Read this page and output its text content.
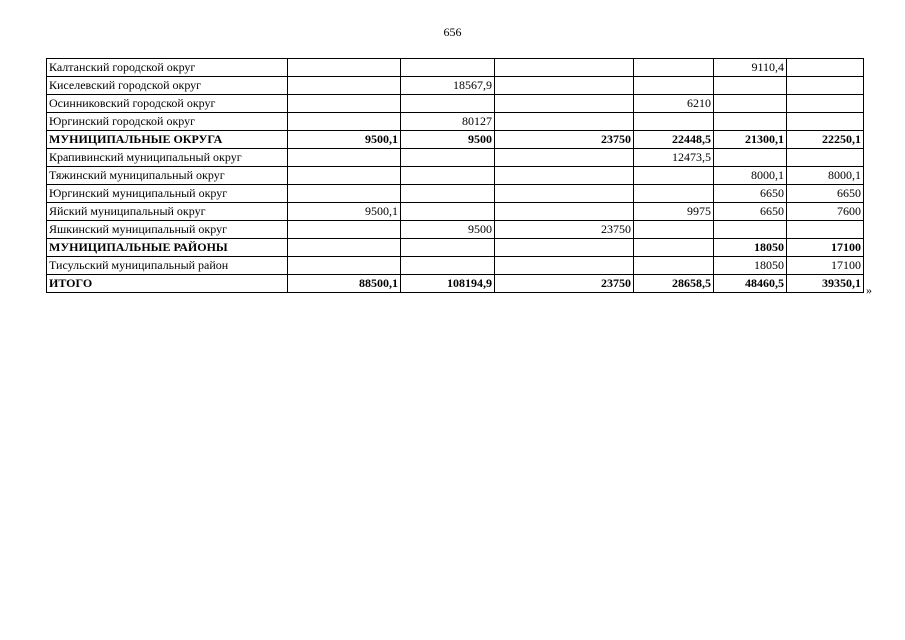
656
Калтанский городской округ					9110,4	
Киселевский городской округ		18567,9				
Осинниковский городской округ				6210		
Юргинский городской округ		80127				
МУНИЦИПАЛЬНЫЕ ОКРУГА	9500,1	9500	23750	22448,5	21300,1	22250,1
Крапивинский муниципальный округ				12473,5		
Тяжинский муниципальный округ					8000,1	8000,1
Юргинский муниципальный округ					6650	6650
Яйский муниципальный округ	9500,1			9975	6650	7600
Яшкинский муниципальный округ		9500	23750			
МУНИЦИПАЛЬНЫЕ РАЙОНЫ					18050	17100
Тисульский муниципальный район					18050	17100
ИТОГО	88500,1	108194,9	23750	28658,5	48460,5	39350,1 »
